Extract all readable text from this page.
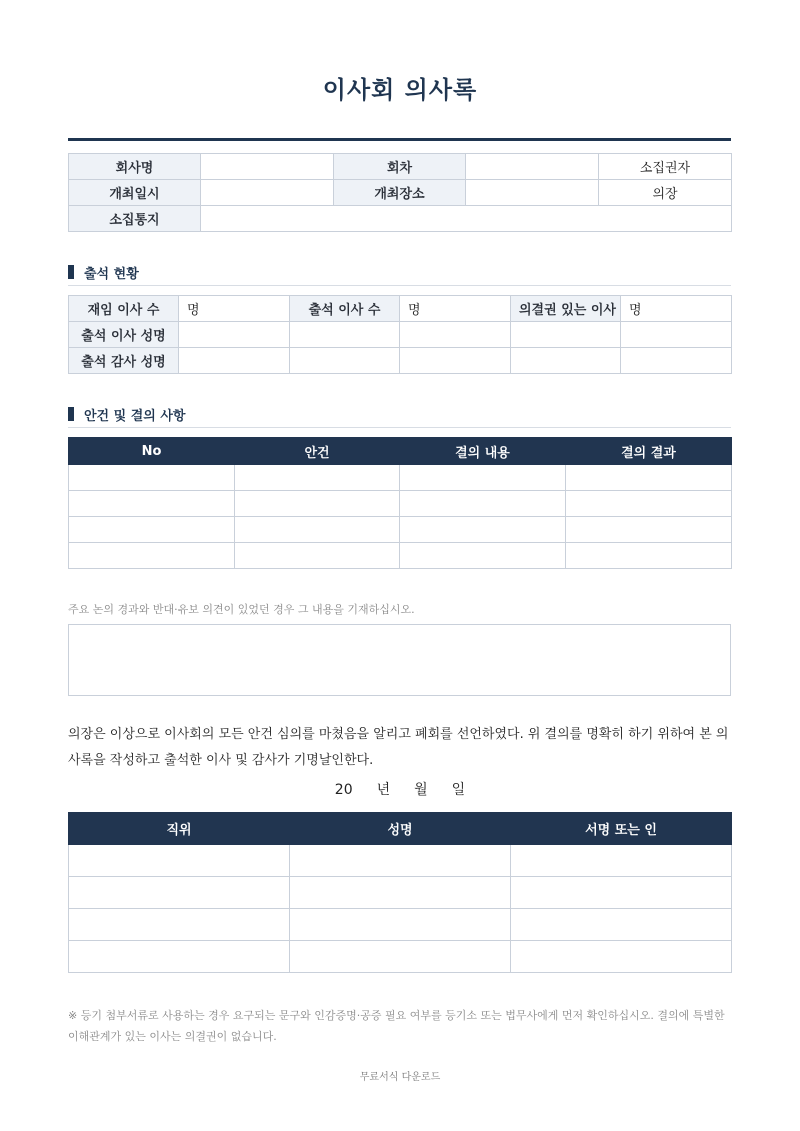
이사회 의사록
회사명		회차		소집권자
개최일시		개최장소		의장
소집통지				
출석 현황
재임 이사 수	명	출석 이사 수	명	의결권 있는 이사	명
출석 이사 성명					
출석 감사 성명					
안건 및 결의 사항
No	안건	결의 내용	결의 결과

주요 논의 경과와 반대·유보 의견이 있었던 경우 그 내용을 기재하십시오.
의장은 이상으로 이사회의 모든 안건 심의를 마쳤음을 알리고 폐회를 선언하였다. 위 결의를 명확히 하기 위하여 본 의사록을 작성하고 출석한 이사 및 감사가 기명날인한다.
20 년 월 일
직위	성명	서명 또는 인

※ 등기 첨부서류로 사용하는 경우 요구되는 문구와 인감증명·공증 필요 여부를 등기소 또는 법무사에게 먼저 확인하십시오. 결의에 특별한 이해관계가 있는 이사는 의결권이 없습니다.
무료서식 다운로드
